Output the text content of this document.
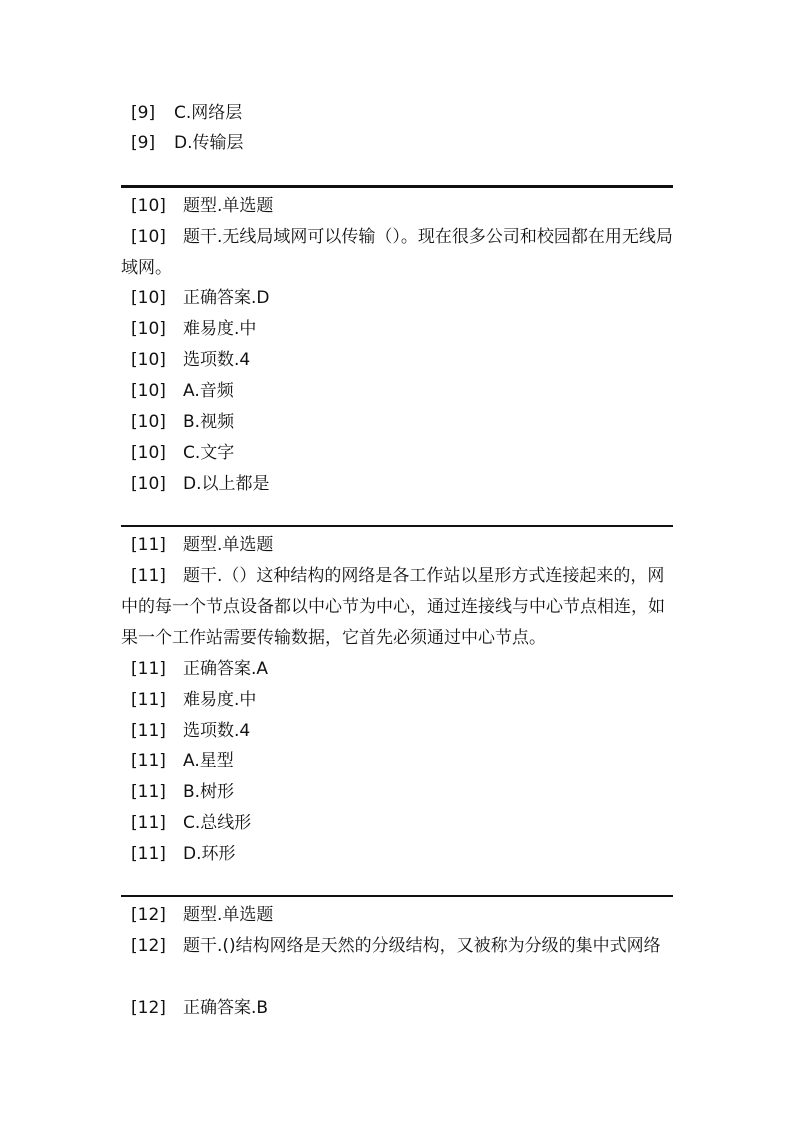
[9] C.网络层
[9] D.传输层
[10] 题型.单选题
[10] 题干.无线局域网可以传输（）。现在很多公司和校园都在用无线局域网。
[10] 正确答案.D
[10] 难易度.中
[10] 选项数.4
[10] A.音频
[10] B.视频
[10] C.文字
[10] D.以上都是
[11] 题型.单选题
[11] 题干.（）这种结构的网络是各工作站以星形方式连接起来的，网中的每一个节点设备都以中心节为中心，通过连接线与中心节点相连，如果一个工作站需要传输数据，它首先必须通过中心节点。
[11] 正确答案.A
[11] 难易度.中
[11] 选项数.4
[11] A.星型
[11] B.树形
[11] C.总线形
[11] D.环形
[12] 题型.单选题
[12] 题干.()结构网络是天然的分级结构，又被称为分级的集中式网络
[12] 正确答案.B
